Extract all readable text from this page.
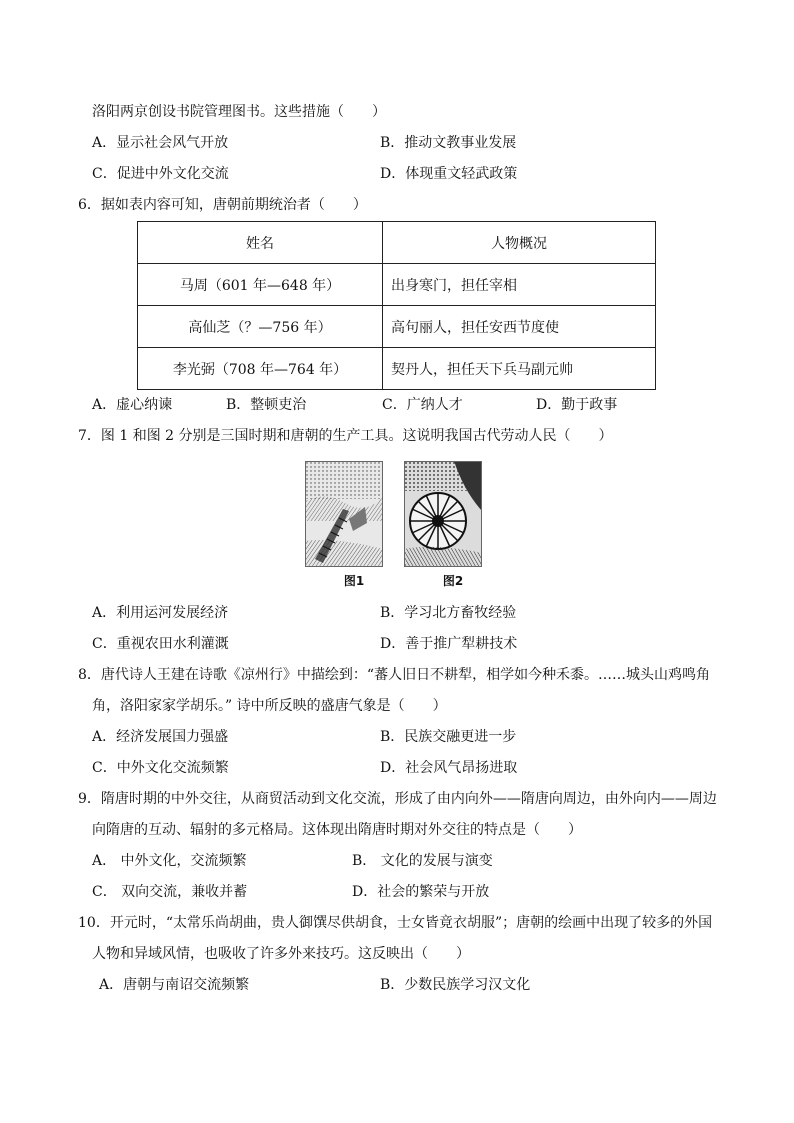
洛阳两京创设书院管理图书。这些措施（　　）
A．显示社会风气开放	B．推动文教事业发展
C．促进中外文化交流	D．体现重文轻武政策
6．据如表内容可知，唐朝前期统治者（　　）
姓名	人物概况
马周（601 年—648 年）	出身寒门，担任宰相
高仙芝（？—756 年）	高句丽人，担任安西节度使
李光弼（708 年—764 年）	契丹人，担任天下兵马副元帅
A．虚心纳谏	B．整顿吏治	C．广纳人才	D．勤于政事
7．图 1 和图 2 分别是三国时期和唐朝的生产工具。这说明我国古代劳动人民（　　）
图1	图2
A．利用运河发展经济	B．学习北方畜牧经验
C．重视农田水利灌溉	D．善于推广犁耕技术
8．唐代诗人王建在诗歌《凉州行》中描绘到：“蕃人旧日不耕犁，相学如今种禾黍。……城头山鸡鸣角
角，洛阳家家学胡乐。” 诗中所反映的盛唐气象是（　　）
A．经济发展国力强盛	B．民族交融更进一步
C．中外文化交流频繁	D．社会风气昂扬进取
9．隋唐时期的中外交往，从商贸活动到文化交流，形成了由内向外——隋唐向周边，由外向内——周边
向隋唐的互动、辐射的多元格局。这体现出隋唐时期对外交往的特点是（　　）
A． 中外文化，交流频繁	B． 文化的发展与演变
C． 双向交流，兼收并蓄	D．社会的繁荣与开放
10．开元时，“太常乐尚胡曲，贵人御馔尽供胡食，士女皆竟衣胡服”；唐朝的绘画中出现了较多的外国
人物和异域风情，也吸收了许多外来技巧。这反映出（　　）
A．唐朝与南诏交流频繁	B．少数民族学习汉文化
